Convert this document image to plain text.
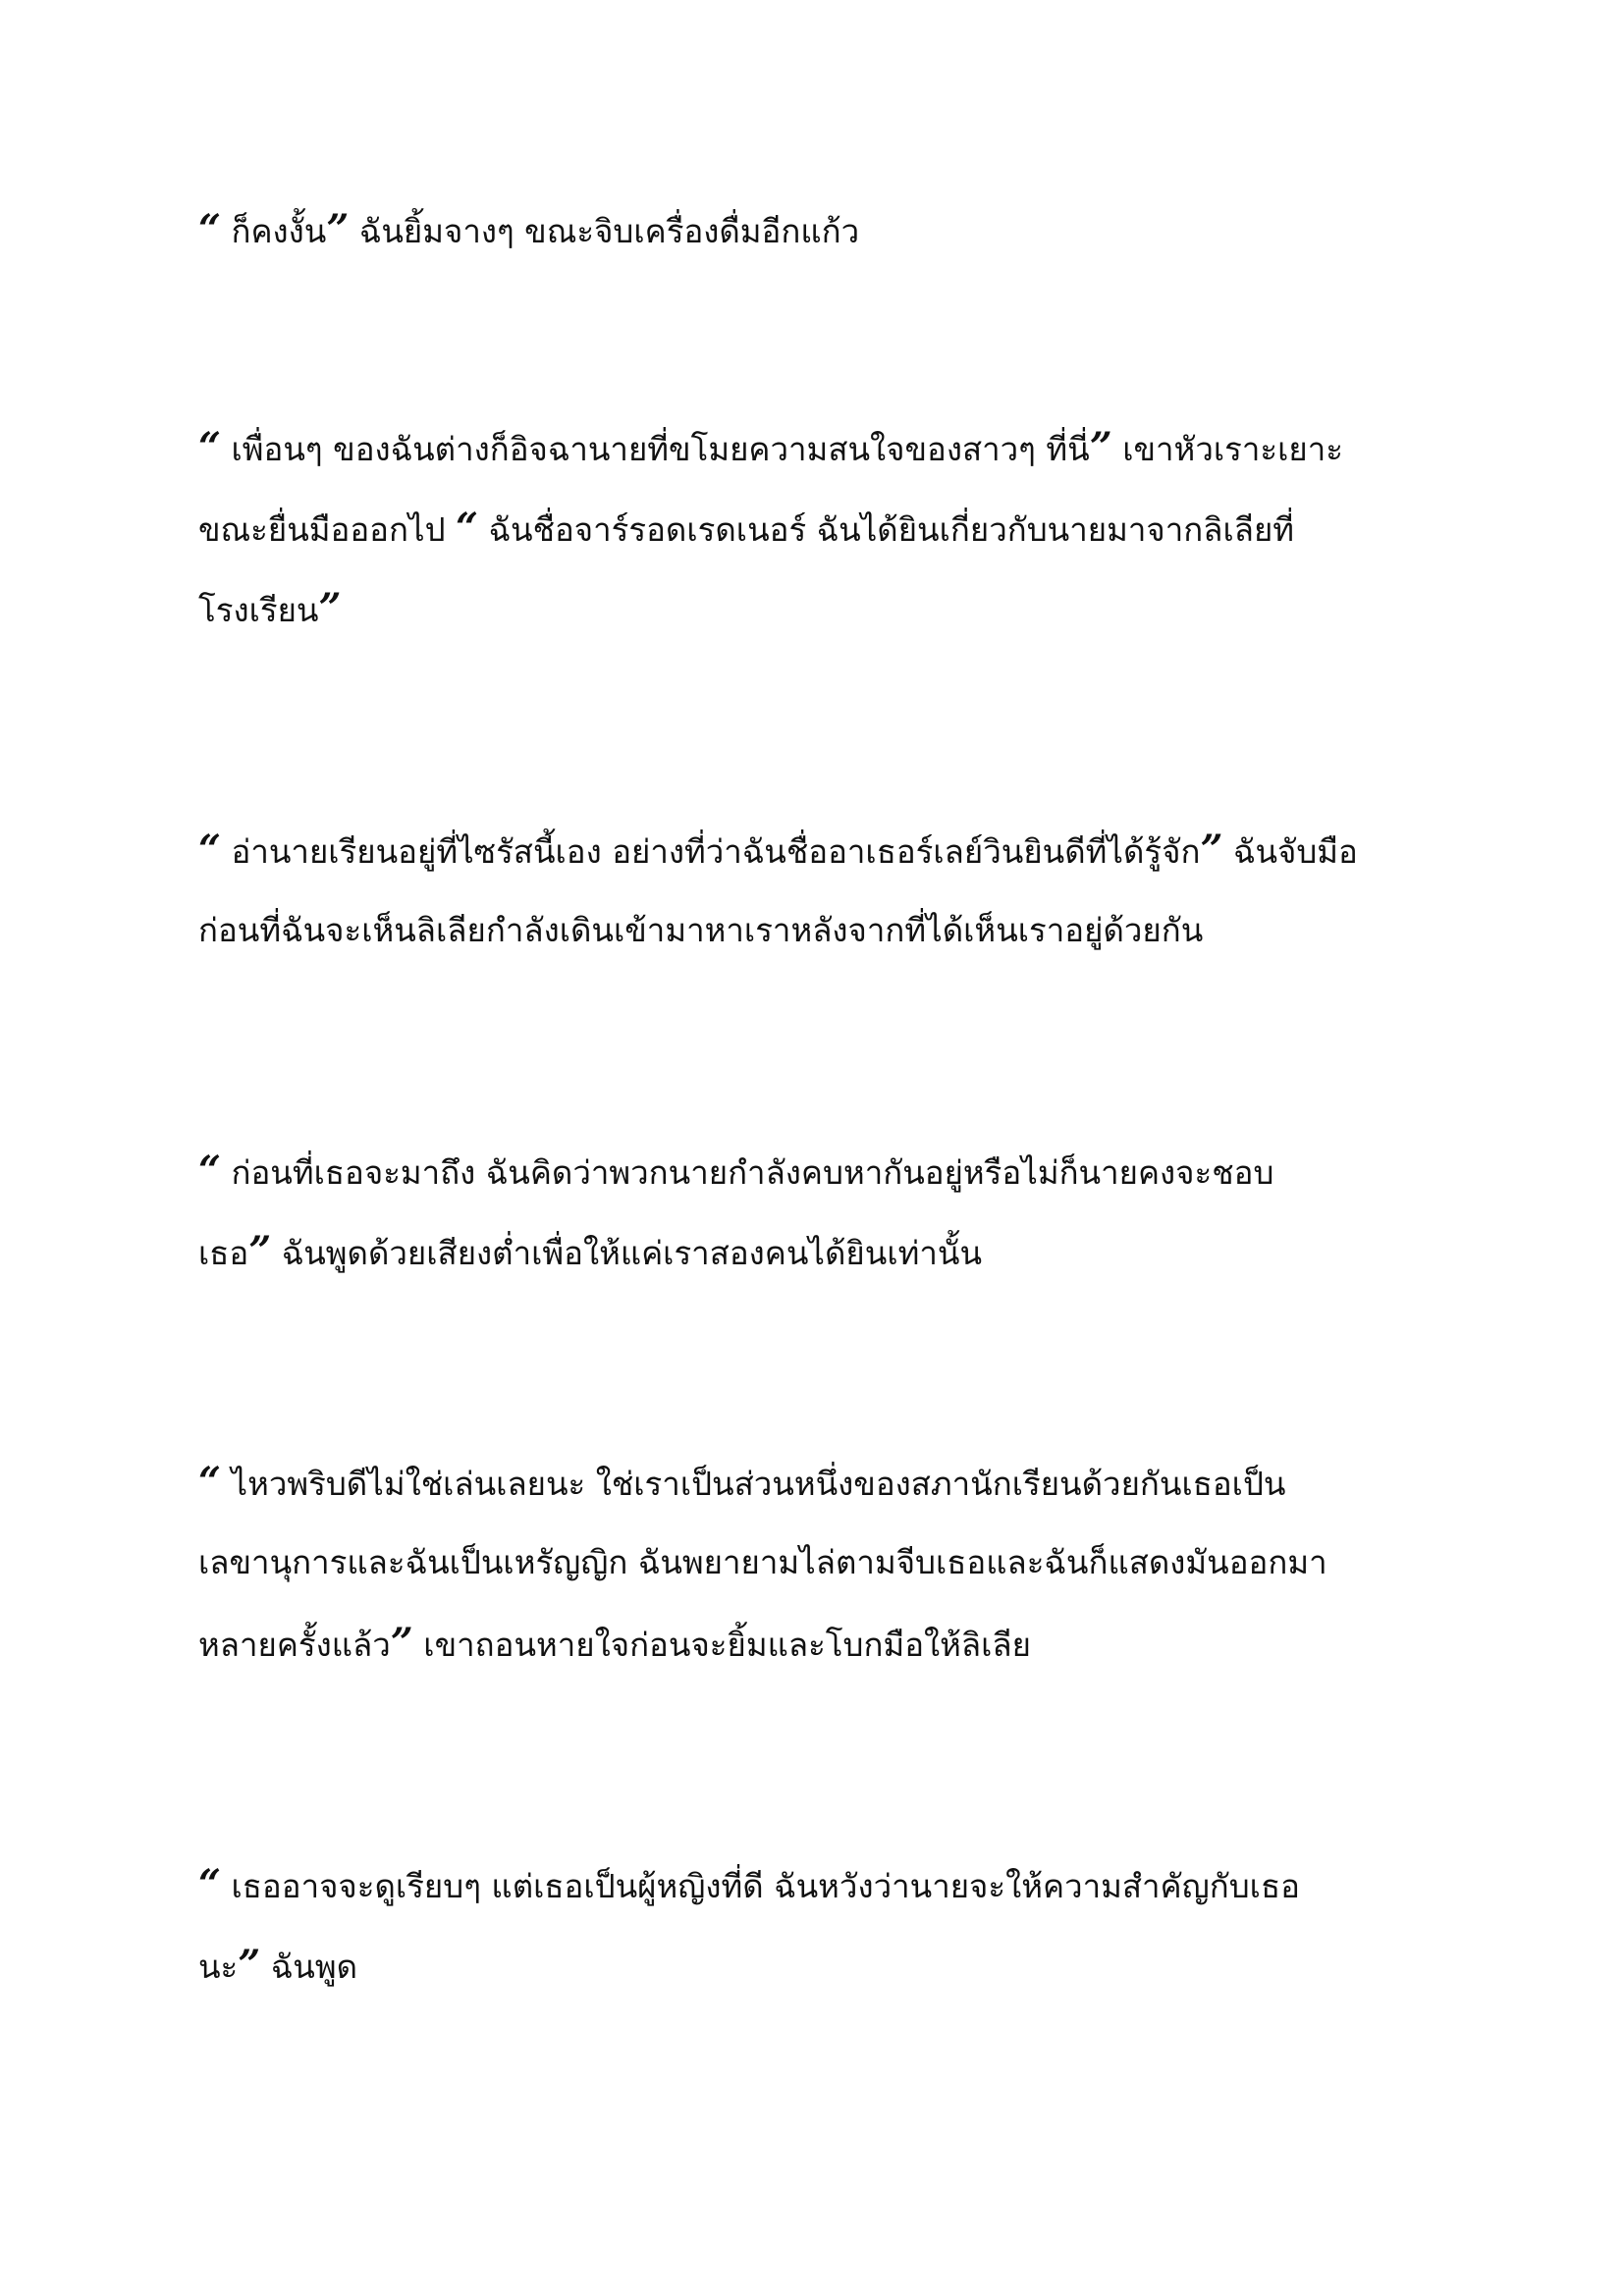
“ ก็คงงั้น” ฉันยิ้มจางๆ ขณะจิบเครื่องดื่มอีกแก้ว

“ เพื่อนๆ ของฉันต่างก็อิจฉานายที่ขโมยความสนใจของสาวๆ ที่นี่” เขาหัวเราะเยาะ
ขณะยื่นมือออกไป “ ฉันชื่อจาร์รอดเรดเนอร์ ฉันได้ยินเกี่ยวกับนายมาจากลิเลียที่
โรงเรียน”

“ อ่านายเรียนอยู่ที่ไซรัสนี้เอง อย่างที่ว่าฉันชื่ออาเธอร์เลย์วินยินดีที่ได้รู้จัก” ฉันจับมือ
ก่อนที่ฉันจะเห็นลิเลียกำลังเดินเข้ามาหาเราหลังจากที่ได้เห็นเราอยู่ด้วยกัน

“ ก่อนที่เธอจะมาถึง ฉันคิดว่าพวกนายกำลังคบหากันอยู่หรือไม่ก็นายคงจะชอบ
เธอ” ฉันพูดด้วยเสียงต่ำเพื่อให้แค่เราสองคนได้ยินเท่านั้น

“ ไหวพริบดีไม่ใช่เล่นเลยนะ ใช่เราเป็นส่วนหนึ่งของสภานักเรียนด้วยกันเธอเป็น
เลขานุการและฉันเป็นเหรัญญิก ฉันพยายามไล่ตามจีบเธอและฉันก็แสดงมันออกมา
หลายครั้งแล้ว” เขาถอนหายใจก่อนจะยิ้มและโบกมือให้ลิเลีย

“ เธออาจจะดูเรียบๆ แต่เธอเป็นผู้หญิงที่ดี ฉันหวังว่านายจะให้ความสำคัญกับเธอ
นะ” ฉันพูด
